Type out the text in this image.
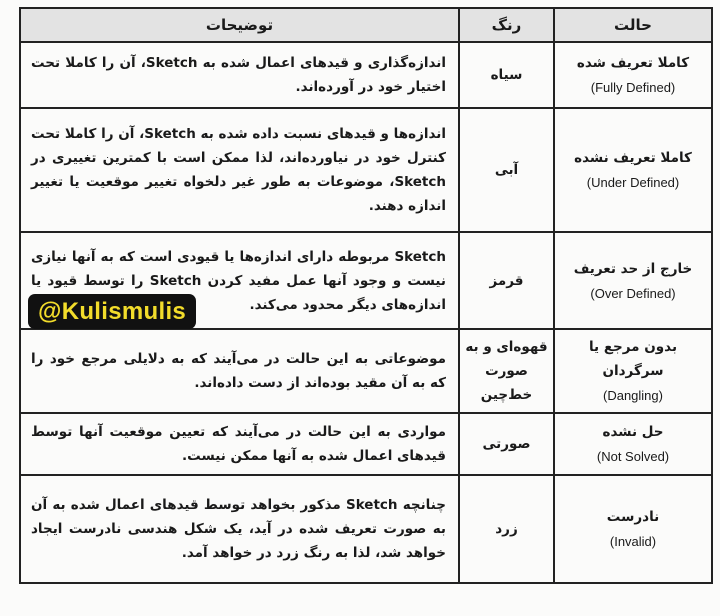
حالت	رنگ	توضیحات

کاملا تعریف شده
(Fully Defined)	سیاه	اندازه‌گذاری و قیدهای اعمال شده به Sketch، آن را کاملا تحت اختیار خود در آورده‌اند.

کاملا تعریف نشده
(Under Defined)	آبی	اندازه‌ها و قیدهای نسبت داده شده به Sketch، آن را کاملا تحت کنترل خود در نیاورده‌اند، لذا ممکن است با کمترین تغییری در Sketch، موضوعات به طور غیر دلخواه تغییر موقعیت یا تغییر اندازه دهند.

خارج از حد تعریف
(Over Defined)	قرمز	Sketch مربوطه دارای اندازه‌ها یا قیودی است که به آنها نیازی نیست و وجود آنها عمل مفید کردن Sketch را توسط قیود یا اندازه‌های دیگر محدود می‌کند.

بدون مرجع یا سرگردان
(Dangling)	قهوه‌ای و به صورت خط‌چین	موضوعاتی به این حالت در می‌آیند که به دلایلی مرجع خود را که به آن مقید بوده‌اند از دست داده‌اند.

حل نشده
(Not Solved)	صورتی	مواردی به این حالت در می‌آیند که تعیین موقعیت آنها توسط قیدهای اعمال شده به آنها ممکن نیست.

نادرست
(Invalid)	زرد	چنانچه Sketch مذکور بخواهد توسط قیدهای اعمال شده به آن به صورت تعریف شده در آید، یک شکل هندسی نادرست ایجاد خواهد شد، لذا به رنگ زرد در خواهد آمد.
@Kulismulis
